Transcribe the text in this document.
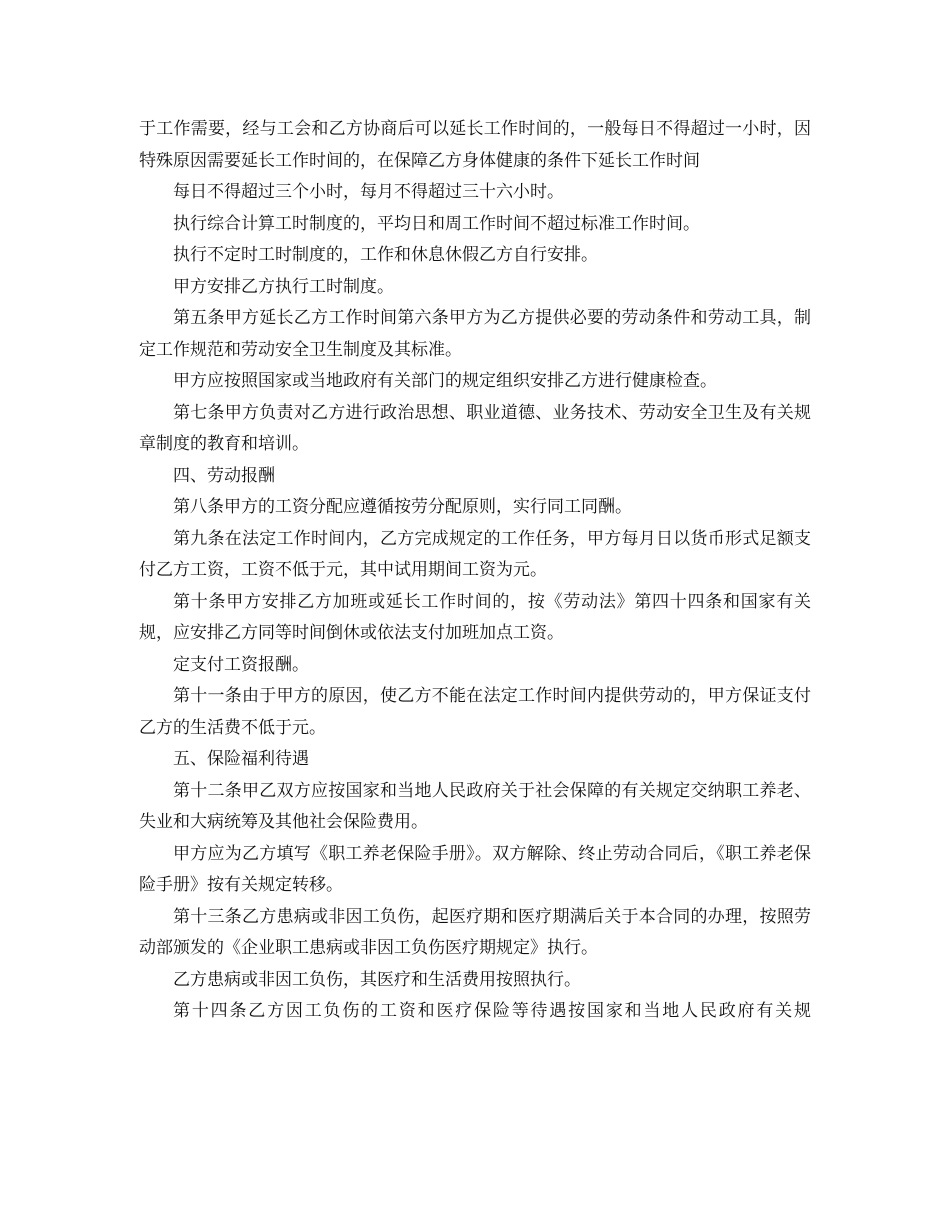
于工作需要，经与工会和乙方协商后可以延长工作时间的，一般每日不得超过一小时，因特殊原因需要延长工作时间的，在保障乙方身体健康的条件下延长工作时间

每日不得超过三个小时，每月不得超过三十六小时。

执行综合计算工时制度的，平均日和周工作时间不超过标准工作时间。

执行不定时工时制度的，工作和休息休假乙方自行安排。

甲方安排乙方执行工时制度。

第五条甲方延长乙方工作时间第六条甲方为乙方提供必要的劳动条件和劳动工具，制定工作规范和劳动安全卫生制度及其标准。

甲方应按照国家或当地政府有关部门的规定组织安排乙方进行健康检查。

第七条甲方负责对乙方进行政治思想、职业道德、业务技术、劳动安全卫生及有关规章制度的教育和培训。

四、劳动报酬

第八条甲方的工资分配应遵循按劳分配原则，实行同工同酬。

第九条在法定工作时间内，乙方完成规定的工作任务，甲方每月日以货币形式足额支付乙方工资，工资不低于元，其中试用期间工资为元。

第十条甲方安排乙方加班或延长工作时间的，按《劳动法》第四十四条和国家有关规，应安排乙方同等时间倒休或依法支付加班加点工资。

定支付工资报酬。

第十一条由于甲方的原因，使乙方不能在法定工作时间内提供劳动的，甲方保证支付乙方的生活费不低于元。

五、保险福利待遇

第十二条甲乙双方应按国家和当地人民政府关于社会保障的有关规定交纳职工养老、失业和大病统筹及其他社会保险费用。

甲方应为乙方填写《职工养老保险手册》。双方解除、终止劳动合同后，《职工养老保险手册》按有关规定转移。

第十三条乙方患病或非因工负伤，起医疗期和医疗期满后关于本合同的办理，按照劳动部颁发的《企业职工患病或非因工负伤医疗期规定》执行。

乙方患病或非因工负伤，其医疗和生活费用按照执行。

第十四条乙方因工负伤的工资和医疗保险等待遇按国家和当地人民政府有关规
